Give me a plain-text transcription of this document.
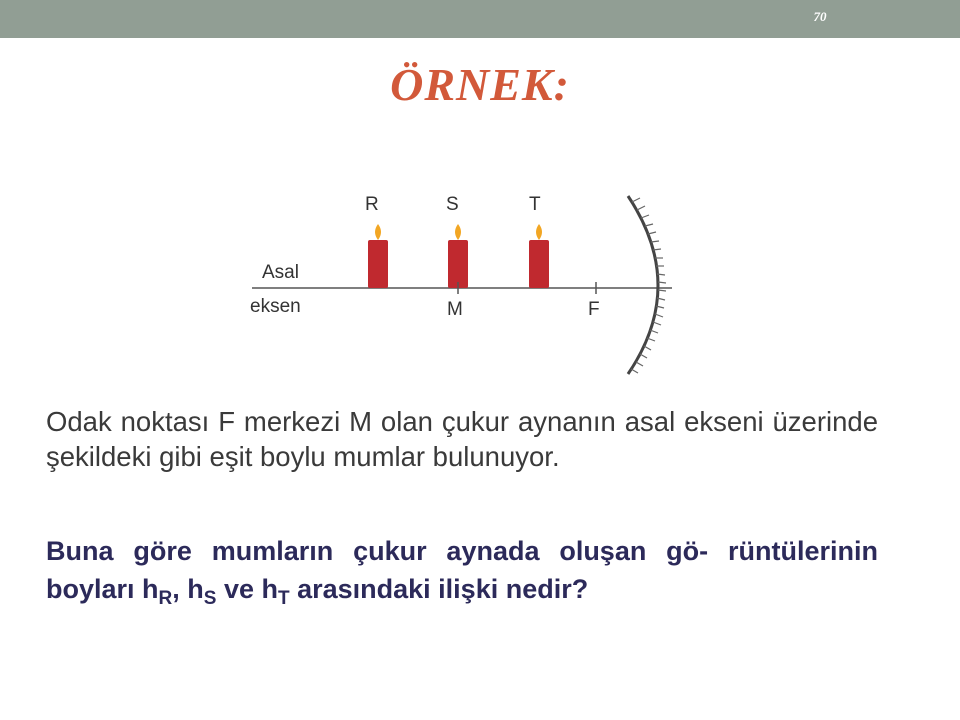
70
ÖRNEK:
Asal
eksen
R	S	T
M	F
Odak noktası F merkezi M olan çukur aynanın asal ekseni üzerinde şekildeki gibi eşit boylu mumlar bulunuyor.
Buna göre mumların çukur aynada oluşan gö- rüntülerinin boyları $h_R$, $h_S$ ve $h_T$ arasındaki ilişki nedir?
